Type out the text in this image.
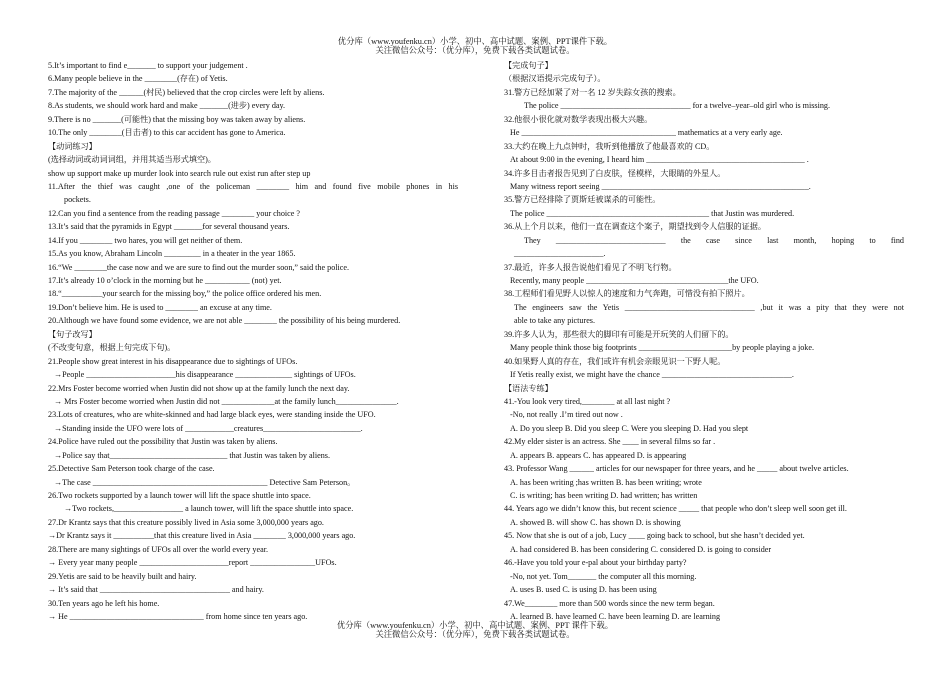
优分库（www.youfenku.cn）小学、初中、高中试题、案例、PPT课件下载。
关注微信公众号：（优分库），免费下载各类试题试卷。
5.It’s important to find e_______ to support your judgement .
6.Many people believe in the ________(存在) of Yetis.
7.The majority of the ______(村民) believed that the crop circles were left by aliens.
8.As students, we should work hard and make _______(进步) every day.
9.There is no _______(可能性) that the missing boy was taken away by aliens.
10.The only ________(目击者) to this car accident has gone to America.
【动词练习】
(选择动词或动词词组，并用其适当形式填空)。
show up support make up murder look into search rule out exist run after step up
11.After the thief was caught ,one of the policeman ________ him and found five mobile phones in his
pockets.
12.Can you find a sentence from the reading passage ________ your choice ?
13.It’s said that the pyramids in Egypt _______for several thousand years.
14.If you ________ two hares, you will get neither of them.
15.As you know, Abraham Lincoln _________ in a theater in the year 1865.
16.“We ________the case now and we are sure to find out the murder soon,” said the police.
17.It’s already 10 o’clock in the morning but he ___________ (not) yet.
18.“__________your search for the missing boy,” the police office ordered his men.
19.Don’t believe him. He is used to ________ an excuse at any time.
20.Although we have found some evidence, we are not able ________ the possibility of his being murdered.
【句子改写】
(不改变句意，根据上句完成下句)。
21.People show great interest in his disappearance due to sightings of UFOs.
→People ______________________his disappearance ______________ sightings of UFOs.
22.Mrs Foster become worried when Justin did not show up at the family lunch the next day.
→ Mrs Foster become worried when Justin did not _____________at the family lunch_______________.
23.Lots of creatures, who are white-skinned and had large black eyes, were standing inside the UFO.
→Standing inside the UFO were lots of ____________creatures________________________.
24.Police have ruled out the possibility that Justin was taken by aliens.
→Police say that_____________________________ that Justin was taken by aliens.
25.Detective Sam Peterson took charge of the case.
→The case ___________________________________________ Detective Sam Peterson。
26.Two rockets supported by a launch tower will lift the space shuttle into space.
→Two rockets,_________________ a launch tower, will lift the space shuttle into space.
27.Dr Krantz says that this creature possibly lived in Asia some 3,000,000 years ago.
→Dr Krantz says it __________that this creature lived in Asia ________ 3,000,000 years ago.
28.There are many sightings of UFOs all over the world every year.
→ Every year many people ______________________report ________________UFOs.
29.Yetis are said to be heavily built and hairy.
→ It’s said that ________________________________ and hairy.
30.Ten years ago he left his home.
→ He _________________________________ from home since ten years ago.
【完成句子】
（根据汉语提示完成句子）。
31.警方已经加紧了对一名 12 岁失踪女孩的搜索。
The police ________________________________ for a twelve–year–old girl who is missing.
32.他很小很化就对数学表现出极大兴趣。
He ______________________________________ mathematics at a very early age.
33.大约在晚上九点钟时，我听到他播放了他最喜欢的 CD。
At about 9:00 in the evening, I heard him _______________________________________ .
34.许多目击者报告见到了白皮肤，怪模样，大眼睛的外星人。
Many witness report seeing ___________________________________________________.
35.警方已经排除了贾斯廷被谋杀的可能性。
The police ________________________________________ that Justin was murdered.
36.从上个月以来，他们一直在调查这个案子，期望找到令人信服的证据。
They ___________________________ the case since last month, hoping to find
______________________.
37.最近，许多人报告说他们看见了不明飞行物。
Recently, many people ___________________________________the UFO.
38.工程师们看见野人以惊人的速度和力气奔跑，可惜没有拍下照片。
The engineers saw the Yetis ________________________________ ,but it was a pity that they were not
able to take any pictures.
39.许多人认为，那些很大的脚印有可能是开玩笑的人们留下的。
Many people think those big footprints _______________________by people playing a joke.
40.如果野人真的存在，我们或许有机会亲眼见识一下野人呢。
If Yetis really exist, we might have the chance ________________________________.
【语法专练】
41.-You look very tired,________ at all last night ?
-No, not really .I’m tired out now .
A. Do you sleep B. Did you sleep C. Were you sleeping D. Had you slept
42.My elder sister is an actress. She ____ in several films so far .
A. appears B. appears C. has appeared D. is appearing
43. Professor Wang ______ articles for our newspaper for three years, and he _____ about twelve articles.
A. has been writing ;has written B. has been writing; wrote
C. is writing; has been writing D. had written; has written
44. Years ago we didn’t know this, but recent science _____ that people who don’t sleep well soon get ill.
A. showed B. will show C. has shown D. is showing
45. Now that she is out of a job, Lucy ____ going back to school, but she hasn’t decided yet.
A. had considered B. has been considering C. considered D. is going to consider
46.-Have you told your e-pal about your birthday party?
-No, not yet. Tom_______ the computer all this morning.
A. uses B. used C. is using D. has been using
47.We________ more than 500 words since the new term began.
A. learned B. have learned C. have been learning D. are learning
优分库（www.youfenku.cn）小学、初中、高中试题、案例、PPT 课件下载。
关注微信公众号：（优分库），免费下载各类试题试卷。
